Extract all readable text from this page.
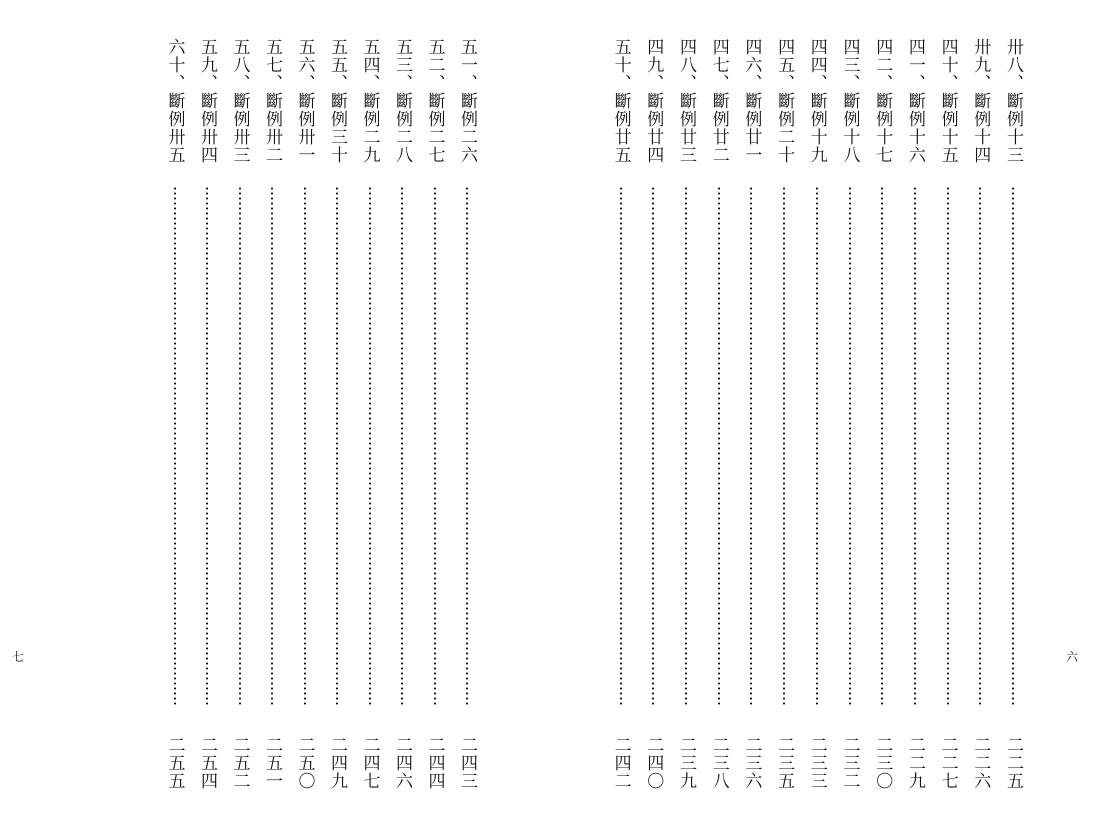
七
五一、斷例二六
二四三
五二、斷例二七
二四四
五三、斷例二八
二四六
五四、斷例二九
二四七
五五、斷例三十
二四九
五六、斷例卅一
二五〇
五七、斷例卅二
二五一
五八、斷例卅三
二五二
五九、斷例卅四
二五四
六十、斷例卅五
二五五
六
卅八、斷例十三
二二五
卅九、斷例十四
二二六
四十、斷例十五
二二七
四一、斷例十六
二二九
四二、斷例十七
二三〇
四三、斷例十八
二三二
四四、斷例十九
二三三
四五、斷例二十
二三五
四六、斷例廿一
二三六
四七、斷例廿二
二三八
四八、斷例廿三
二三九
四九、斷例廿四
二四〇
五十、斷例廿五
二四二
